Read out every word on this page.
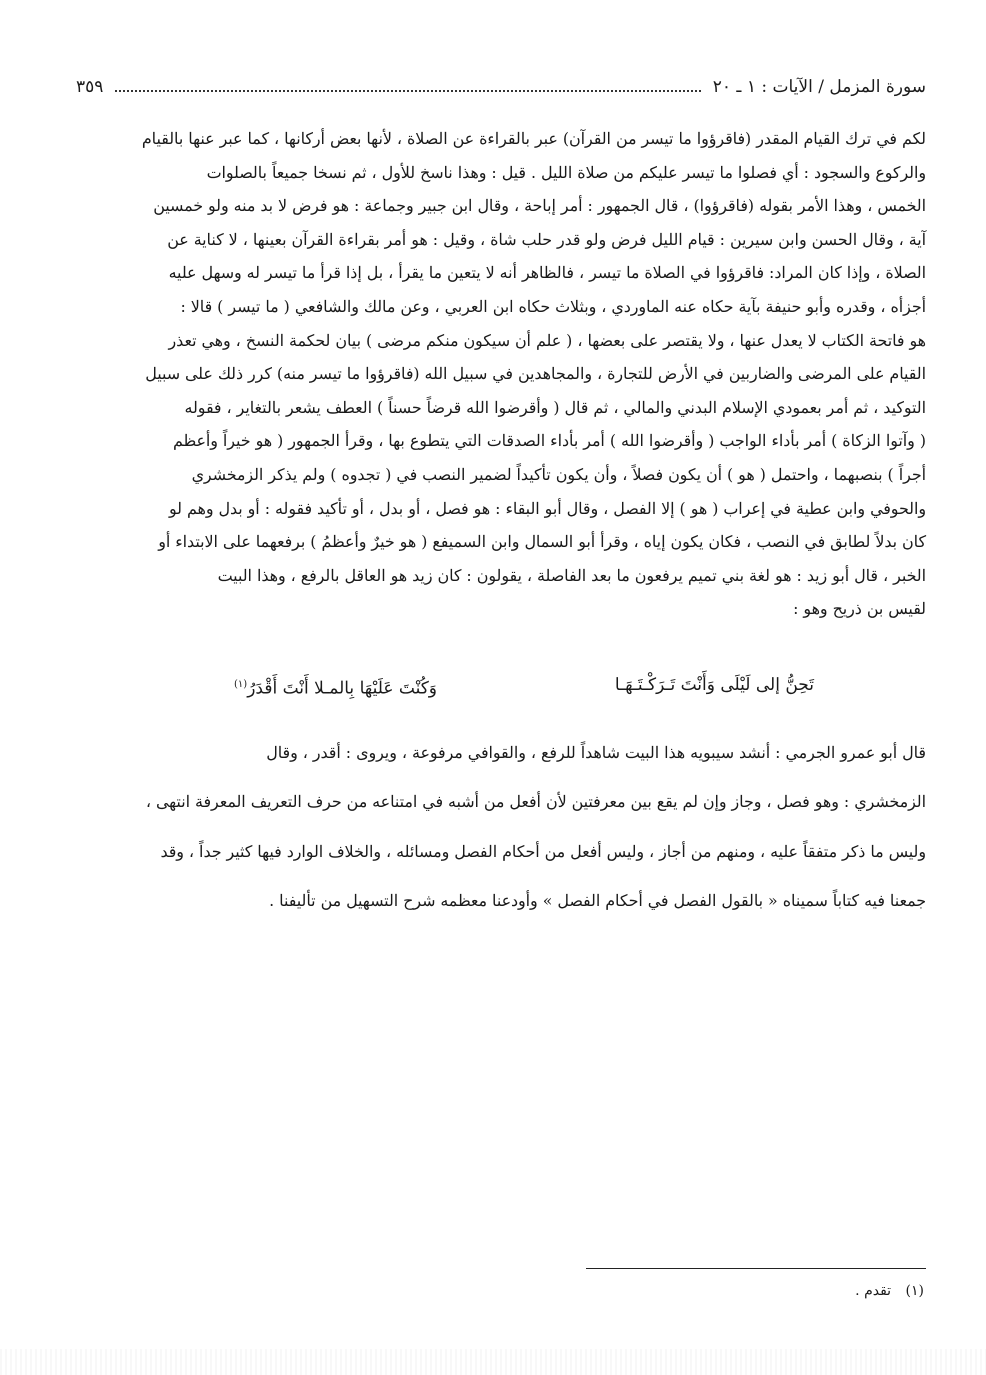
سورة المزمل / الآيات : ١ ـ ٢٠
٣٥٩

لكم في ترك القيام المقدر (فاقرؤوا ما تيسر من القرآن) عبر بالقراءة عن الصلاة ، لأنها بعض أركانها ، كما عبر عنها بالقيام

والركوع والسجود : أي فصلوا ما تيسر عليكم من صلاة الليل . قيل : وهذا ناسخ للأول ، ثم نسخا جميعاً بالصلوات

الخمس ، وهذا الأمر بقوله (فاقرؤوا) ، قال الجمهور : أمر إباحة ، وقال ابن جبير وجماعة : هو فرض لا بد منه ولو خمسين

آية ، وقال الحسن وابن سيرين : قيام الليل فرض ولو قدر حلب شاة ، وقيل : هو أمر بقراءة القرآن بعينها ، لا كناية عن

الصلاة ، وإذا كان المراد: فاقرؤوا في الصلاة ما تيسر ، فالظاهر أنه لا يتعين ما يقرأ ، بل إذا قرأ ما تيسر له وسهل عليه

أجزأه ، وقدره وأبو حنيفة بآية حكاه عنه الماوردي ، وبثلاث حكاه ابن العربي ، وعن مالك والشافعي ( ما تيسر ) قالا :

هو فاتحة الكتاب لا يعدل عنها ، ولا يقتصر على بعضها ، ( علم أن سيكون منكم مرضى ) بيان لحكمة النسخ ، وهي تعذر

القيام على المرضى والضاربين في الأرض للتجارة ، والمجاهدين في سبيل الله (فاقرؤوا ما تيسر منه) كرر ذلك على سبيل

التوكيد ، ثم أمر بعمودي الإسلام البدني والمالي ، ثم قال ( وأقرضوا الله قرضاً حسناً ) العطف يشعر بالتغاير ، فقوله

( وآتوا الزكاة ) أمر بأداء الواجب ( وأقرضوا الله ) أمر بأداء الصدقات التي يتطوع بها ، وقرأ الجمهور ( هو خيراً وأعظم

أجراً ) بنصبهما ، واحتمل ( هو ) أن يكون فصلاً ، وأن يكون تأكيداً لضمير النصب في ( تجدوه ) ولم يذكر الزمخشري

والحوفي وابن عطية في إعراب ( هو ) إلا الفصل ، وقال أبو البقاء : هو فصل ، أو بدل ، أو تأكيد فقوله : أو بدل وهم لو

كان بدلاً لطابق في النصب ، فكان يكون إياه ، وقرأ أبو السمال وابن السميفع ( هو خيرٌ وأعظمُ ) برفعهما على الابتداء أو

الخبر ، قال أبو زيد : هو لغة بني تميم يرفعون ما بعد الفاصلة ، يقولون : كان زيد هو العاقل بالرفع ، وهذا البيت

لقيس بن ذريح وهو :

تَحِنُّ إلى لَيْلَى وَأَنْتَ تَـرَكْـتَـهَـا
وَكُنْتَ عَلَيْهَا بِالمـلا أَنْتَ أَقْدَرُ$^{(١)}$

قال أبو عمرو الجرمي : أنشد سيبويه هذا البيت شاهداً للرفع ، والقوافي مرفوعة ، ويروى : أقدر ، وقال

الزمخشري : وهو فصل ، وجاز وإن لم يقع بين معرفتين لأن أفعل من أشبه في امتناعه من حرف التعريف المعرفة انتهى ،

وليس ما ذكر متفقاً عليه ، ومنهم من أجاز ، وليس أفعل من أحكام الفصل ومسائله ، والخلاف الوارد فيها كثير جداً ، وقد

جمعنا فيه كتاباً سميناه « بالقول الفصل في أحكام الفصل » وأودعنا معظمه شرح التسهيل من تأليفنا .

(١) تقدم .
